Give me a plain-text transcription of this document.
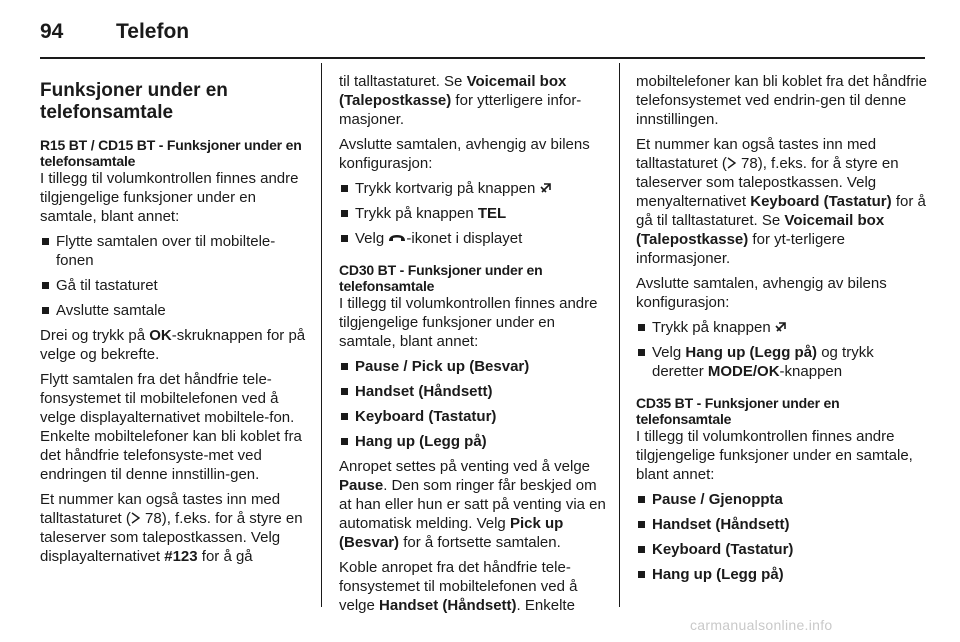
94	Telefon
Funksjoner under en telefonsamtale
R15 BT / CD15 BT - Funksjoner under en telefonsamtale
I tillegg til volumkontrollen finnes andre tilgjengelige funksjoner under en samtale, blant annet:
Flytte samtalen over til mobiltele-fonen
Gå til tastaturet
Avslutte samtale
Drei og trykk på OK-skruknappen for på velge og bekrefte.
Flytt samtalen fra det håndfrie tele-fonsystemet til mobiltelefonen ved å velge displayalternativet mobiltele-fon. Enkelte mobiltelefoner kan bli koblet fra det håndfrie telefonsyste-met ved endringen til denne innstillin-gen.
Et nummer kan også tastes inn med talltastaturet ( 78), f.eks. for å styre en taleserver som talepostkassen. Velg displayalternativet #123 for å gå
til talltastaturet. Se Voicemail box (Talepostkasse) for ytterligere infor-masjoner.
Avslutte samtalen, avhengig av bilens konfigurasjon:
Trykk kortvarig på knappen
Trykk på knappen TEL
Velg -ikonet i displayet
CD30 BT - Funksjoner under en telefonsamtale
I tillegg til volumkontrollen finnes andre tilgjengelige funksjoner under en samtale, blant annet:
Pause / Pick up (Besvar)
Handset (Håndsett)
Keyboard (Tastatur)
Hang up (Legg på)
Anropet settes på venting ved å velge Pause. Den som ringer får beskjed om at han eller hun er satt på venting via en automatisk melding. Velg Pick up (Besvar) for å fortsette samtalen.
Koble anropet fra det håndfrie tele-fonsystemet til mobiltelefonen ved å velge Handset (Håndsett). Enkelte
mobiltelefoner kan bli koblet fra det håndfrie telefonsystemet ved endrin-gen til denne innstillingen.
Et nummer kan også tastes inn med talltastaturet ( 78), f.eks. for å styre en taleserver som talepostkassen. Velg menyalternativet Keyboard (Tastatur) for å gå til talltastaturet. Se Voicemail box (Talepostkasse) for yt-terligere informasjoner.
Avslutte samtalen, avhengig av bilens konfigurasjon:
Trykk på knappen
Velg Hang up (Legg på) og trykk deretter MODE/OK-knappen
CD35 BT - Funksjoner under en telefonsamtale
I tillegg til volumkontrollen finnes andre tilgjengelige funksjoner under en samtale, blant annet:
Pause / Gjenoppta
Handset (Håndsett)
Keyboard (Tastatur)
Hang up (Legg på)
carmanualsonline.info
